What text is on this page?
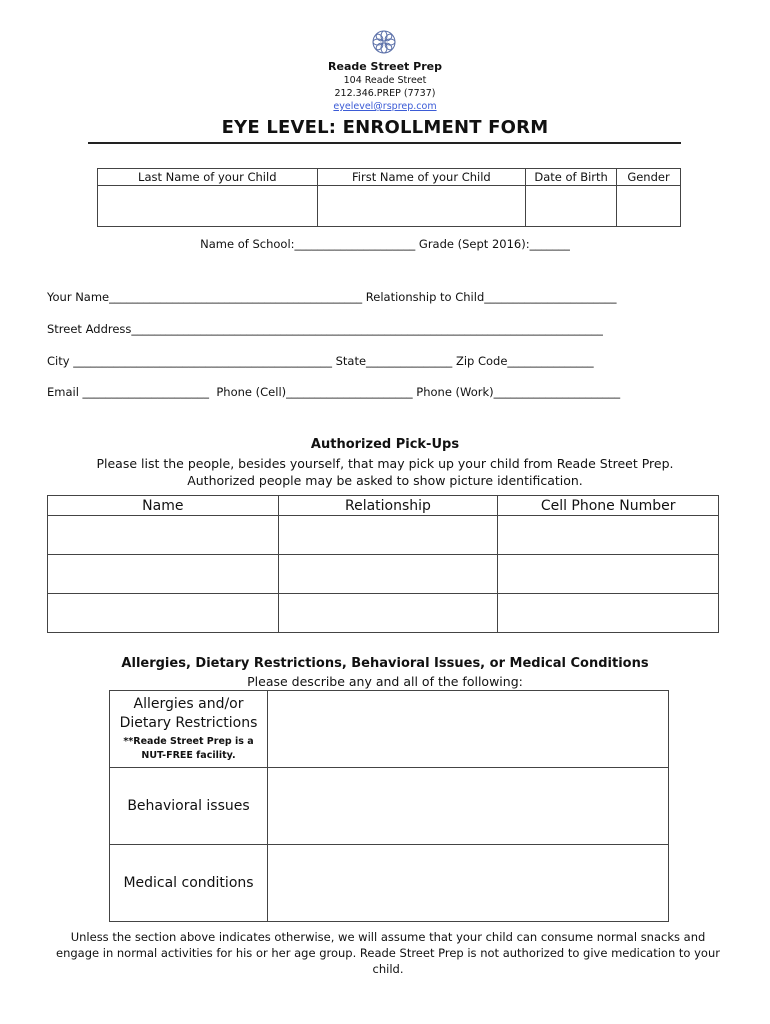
Reade Street Prep
104 Reade Street
212.346.PREP (7737)
eyelevel@rsprep.com
EYE LEVEL: ENROLLMENT FORM
Last Name of your Child	First Name of your Child	Date of Birth	Gender

Name of School:_____________________ Grade (Sept 2016):_______
Your Name____________________________________________ Relationship to Child_______________________
Street Address__________________________________________________________________________________
City _____________________________________________ State_______________ Zip Code_______________
Email ______________________  Phone (Cell)______________________ Phone (Work)______________________
Authorized Pick-Ups
Please list the people, besides yourself, that may pick up your child from Reade Street Prep.
Authorized people may be asked to show picture identification.
Name	Relationship	Cell Phone Number

Allergies, Dietary Restrictions, Behavioral Issues, or Medical Conditions
Please describe any and all of the following:
Allergies and/or
Dietary Restrictions
**Reade Street Prep is a
NUT-FREE facility.	

Behavioral issues	
Medical conditions	
Unless the section above indicates otherwise, we will assume that your child can consume normal snacks and engage in normal activities for his or her age group. Reade Street Prep is not authorized to give medication to your child.
